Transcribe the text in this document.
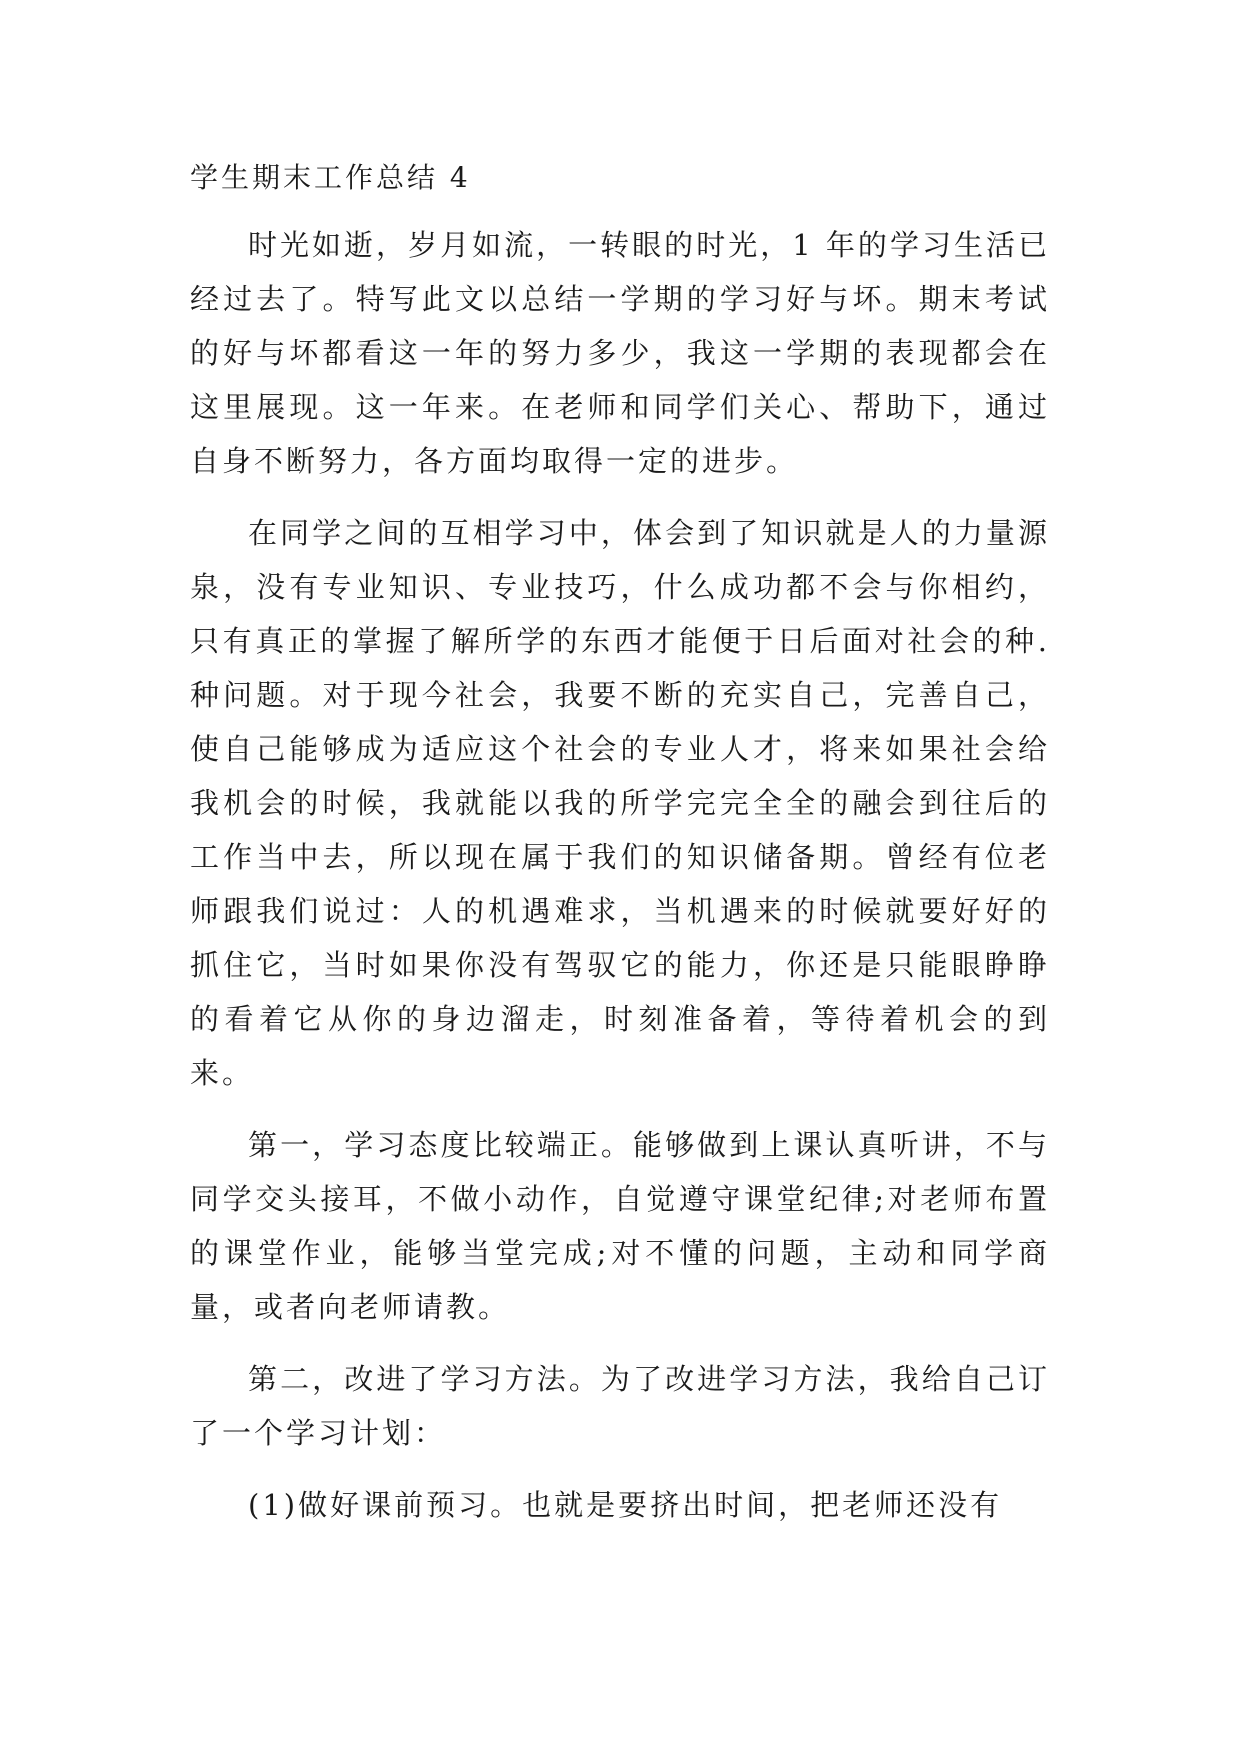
学生期末工作总结 4

时光如逝，岁月如流，一转眼的时光，1 年的学习生活已经过去了。特写此文以总结一学期的学习好与坏。期末考试的好与坏都看这一年的努力多少，我这一学期的表现都会在这里展现。这一年来。在老师和同学们关心、帮助下，通过自身不断努力，各方面均取得一定的进步。

在同学之间的互相学习中，体会到了知识就是人的力量源泉，没有专业知识、专业技巧，什么成功都不会与你相约，只有真正的掌握了解所学的东西才能便于日后面对社会的种.种问题。对于现今社会，我要不断的充实自己，完善自己，使自己能够成为适应这个社会的专业人才，将来如果社会给我机会的时候，我就能以我的所学完完全全的融会到往后的工作当中去，所以现在属于我们的知识储备期。曾经有位老师跟我们说过：人的机遇难求，当机遇来的时候就要好好的抓住它，当时如果你没有驾驭它的能力，你还是只能眼睁睁的看着它从你的身边溜走，时刻准备着，等待着机会的到来。

第一，学习态度比较端正。能够做到上课认真听讲，不与同学交头接耳，不做小动作，自觉遵守课堂纪律;对老师布置的课堂作业，能够当堂完成;对不懂的问题，主动和同学商量，或者向老师请教。

第二，改进了学习方法。为了改进学习方法，我给自己订了一个学习计划：

(1)做好课前预习。也就是要挤出时间，把老师还没有
